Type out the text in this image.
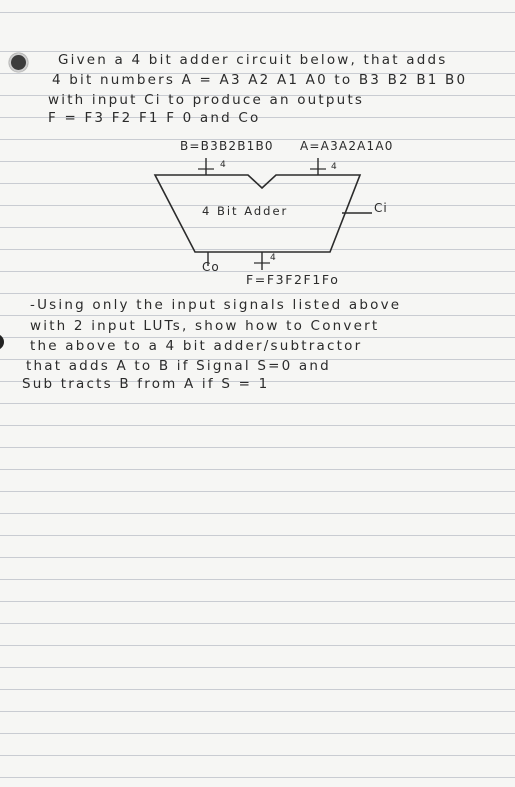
Given a 4 bit adder circuit below, that adds
4 bit numbers A = A3 A2 A1 A0 to B3 B2 B1 B0
with input Ci to produce an outputs
F = F3 F2 F1 F 0 and Co
B=B3B2B1B0 A=A3A2A1A0
4	4
4 Bit Adder	Ci
Co
4
F=F3F2F1Fo
-Using only the input signals listed above
with 2 input LUTs, show how to Convert
the above to a 4 bit adder/subtractor
that adds A to B if Signal S=0 and
Sub tracts B from A if S = 1
